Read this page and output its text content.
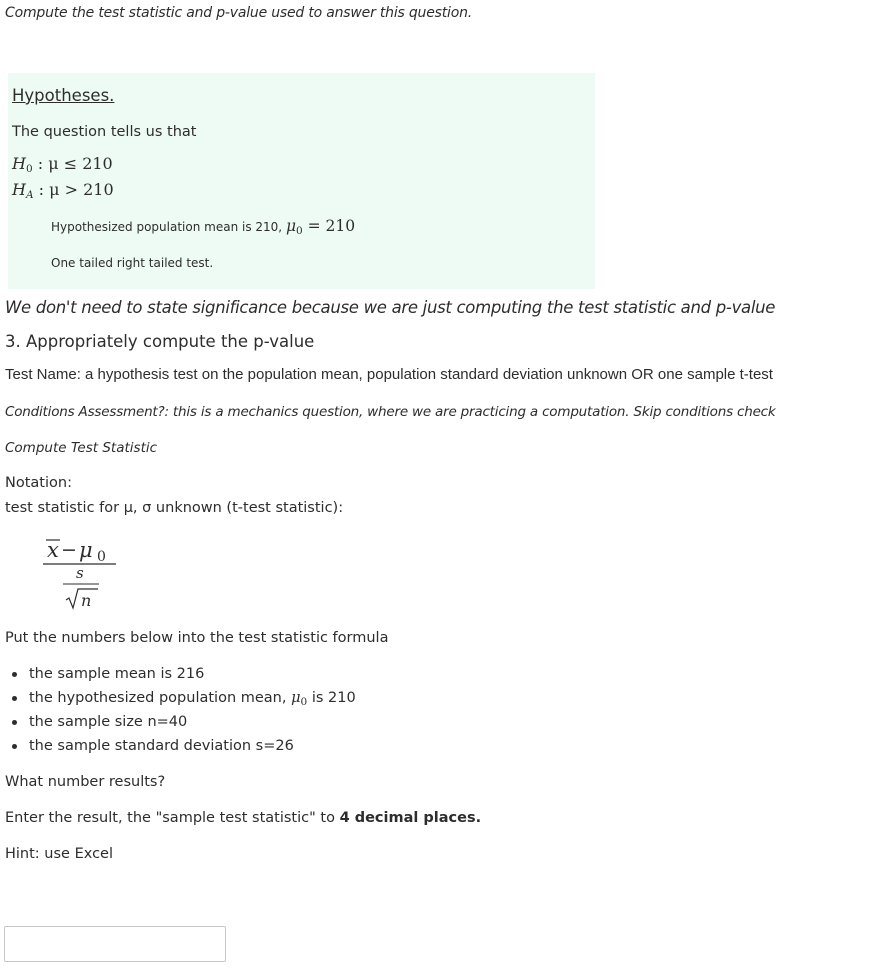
Compute the test statistic and p-value used to answer this question.
Hypotheses.
The question tells us that
$H_0$ : μ ≤ 210
$H_A$ : μ > 210
Hypothesized population mean is 210, $\mu_0 = 210$
One tailed right tailed test.
We don't need to state significance because we are just computing the test statistic and p-value
3. Appropriately compute the p-value
Test Name: a hypothesis test on the population mean, population standard deviation unknown OR one sample t-test
Conditions Assessment?: this is a mechanics question, where we are practicing a computation. Skip conditions check
Compute Test Statistic
Notation:
test statistic for μ, σ unknown (t-test statistic):
x − μ 0
s
n
Put the numbers below into the test statistic formula
the sample mean is 216
the hypothesized population mean, $\mu_0$ is 210
the sample size n=40
the sample standard deviation s=26
What number results?
Enter the result, the "sample test statistic" to 4 decimal places.
Hint: use Excel
